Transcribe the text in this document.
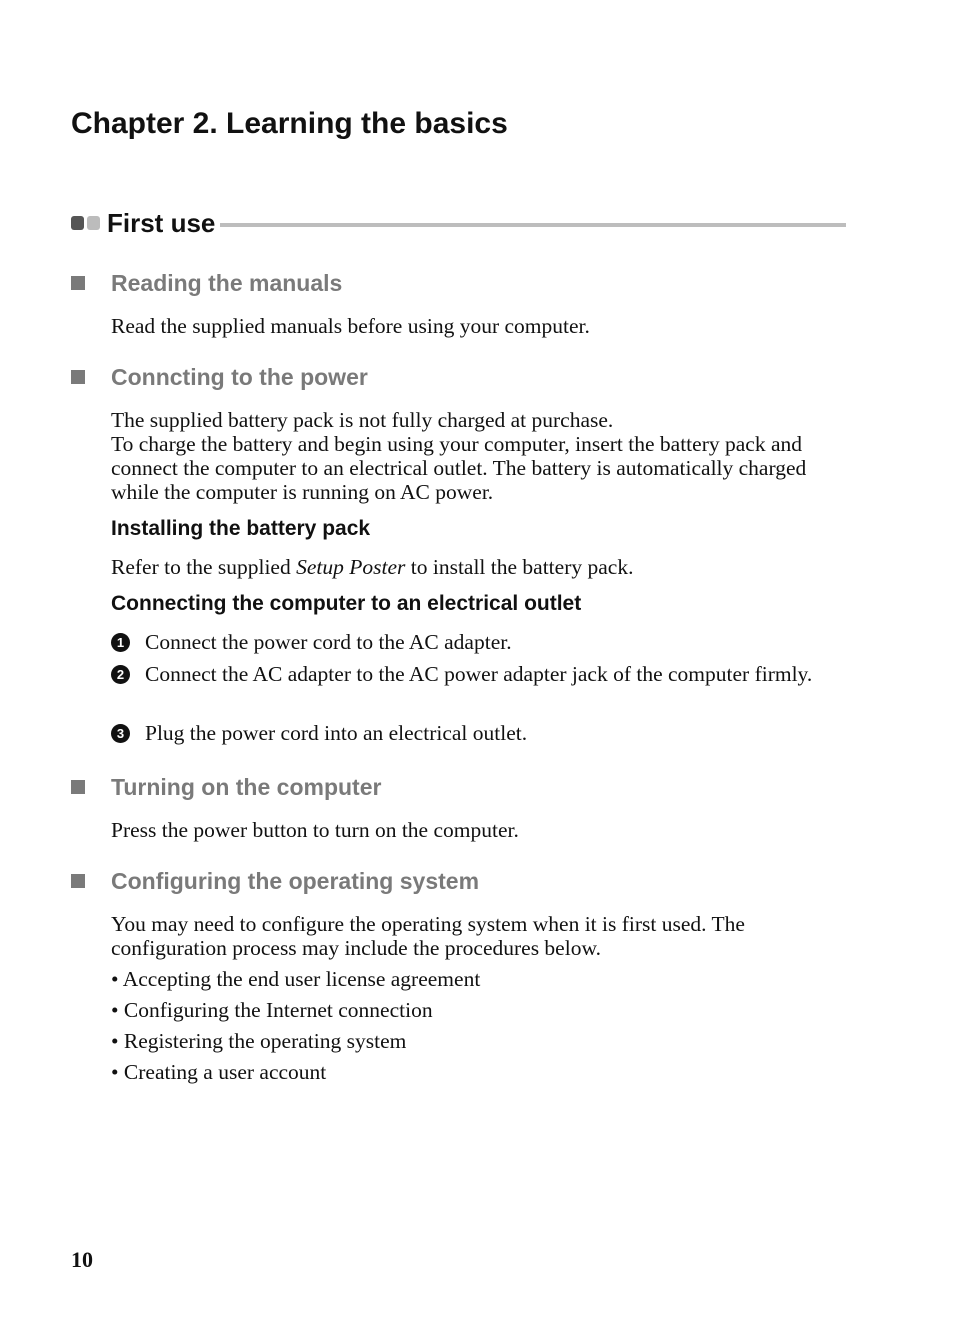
Chapter 2. Learning the basics
First use
Reading the manuals

Read the supplied manuals before using your computer.

Conncting to the power

The supplied battery pack is not fully charged at purchase.

To charge the battery and begin using your computer, insert the battery pack and connect the computer to an electrical outlet. The battery is automatically charged while the computer is running on AC power.

Installing the battery pack

Refer to the supplied Setup Poster to install the battery pack.

Connecting the computer to an electrical outlet

1 Connect the power cord to the AC adapter.
2 Connect the AC adapter to the AC power adapter jack of the computer firmly.
3 Plug the power cord into an electrical outlet.
Turning on the computer

Press the power button to turn on the computer.

Configuring the operating system

You may need to configure the operating system when it is first used. The configuration process may include the procedures below.

• Accepting the end user license agreement
• Configuring the Internet connection
• Registering the operating system
• Creating a user account

10
